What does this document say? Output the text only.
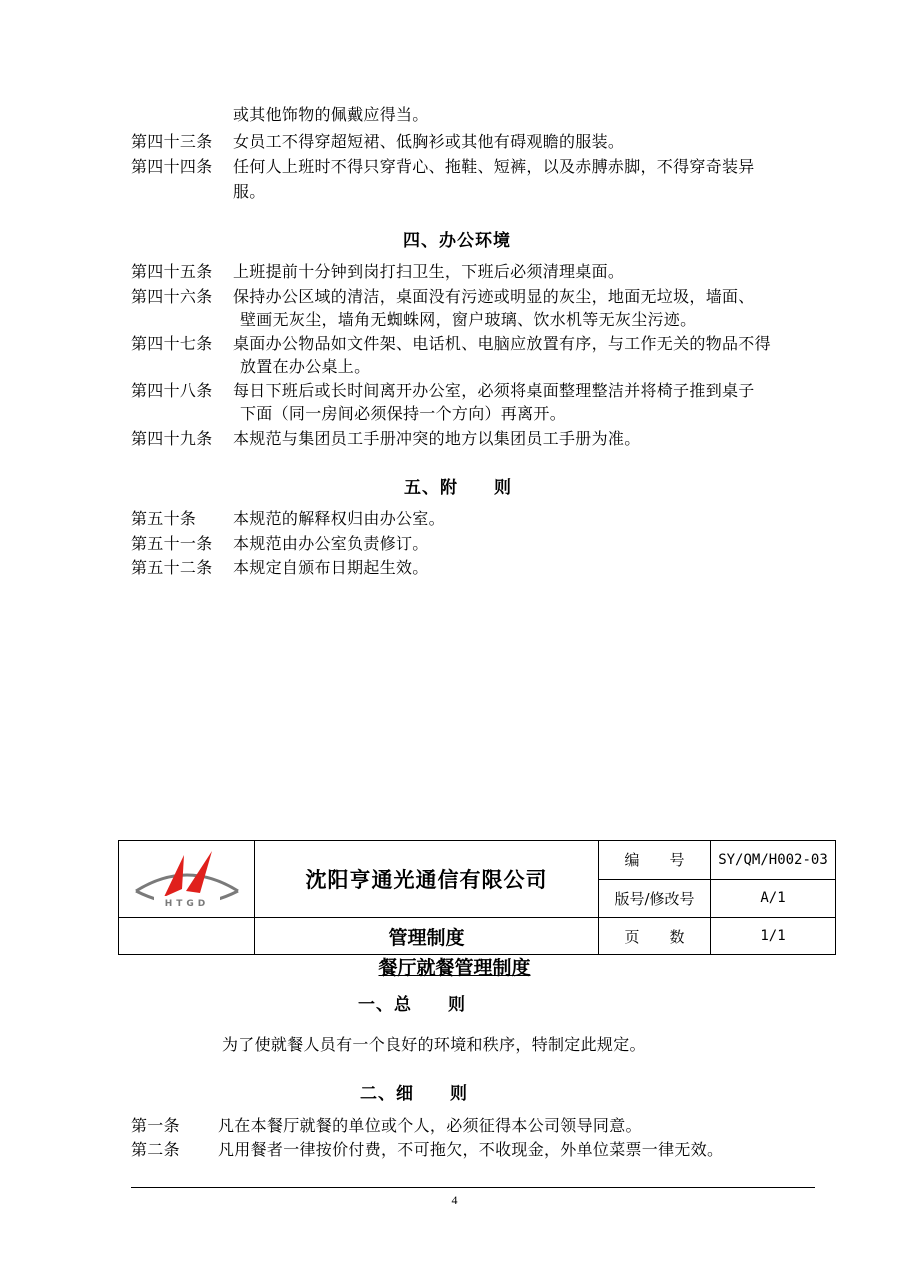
或其他饰物的佩戴应得当。
第四十三条	女员工不得穿超短裙、低胸衫或其他有碍观瞻的服装。
第四十四条	任何人上班时不得只穿背心、拖鞋、短裤，以及赤膊赤脚，不得穿奇装异
服。
四、办公环境
第四十五条	上班提前十分钟到岗打扫卫生，下班后必须清理桌面。
第四十六条	保持办公区域的清洁，桌面没有污迹或明显的灰尘，地面无垃圾，墙面、
壁画无灰尘，墙角无蜘蛛网，窗户玻璃、饮水机等无灰尘污迹。
第四十七条	桌面办公物品如文件架、电话机、电脑应放置有序，与工作无关的物品不得
放置在办公桌上。
第四十八条	每日下班后或长时间离开办公室，必须将桌面整理整洁并将椅子推到桌子
下面（同一房间必须保持一个方向）再离开。
第四十九条	本规范与集团员工手册冲突的地方以集团员工手册为准。
五、附　　则
第五十条	本规范的解释权归由办公室。
第五十一条	本规范由办公室负责修订。
第五十二条	本规定自颁布日期起生效。
HTGD	沈阳亨通光通信有限公司	编　　号	SY/QM/H002-03
		版号/修改号	A/1
	管理制度	页　　数	1/1
餐厅就餐管理制度
一、总　　则
为了使就餐人员有一个良好的环境和秩序，特制定此规定。
二、细　　则
第一条 凡在本餐厅就餐的单位或个人，必须征得本公司领导同意。
第二条 凡用餐者一律按价付费，不可拖欠，不收现金，外单位菜票一律无效。
4
